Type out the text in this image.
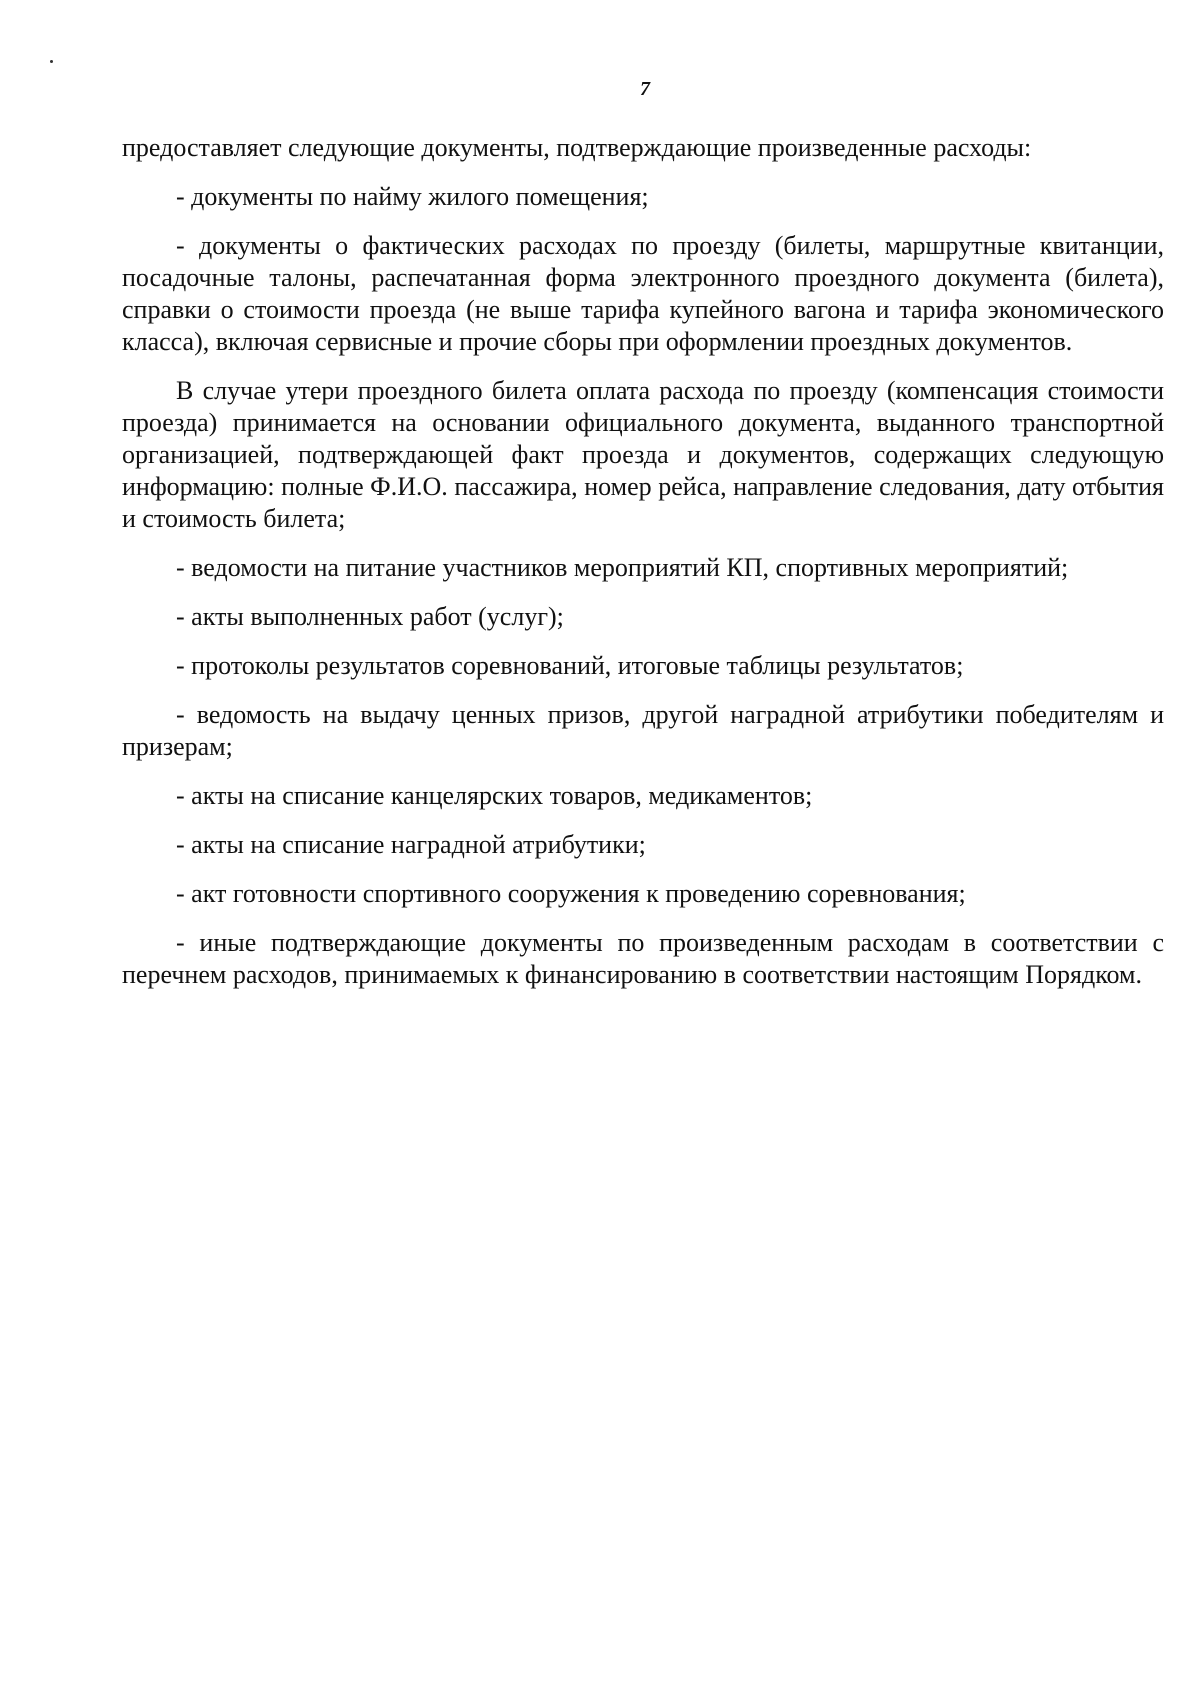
7

предоставляет следующие документы, подтверждающие произведенные расходы:

- документы по найму жилого помещения;

- документы о фактических расходах по проезду (билеты, маршрутные квитанции, посадочные талоны, распечатанная форма электронного проездного документа (билета), справки о стоимости проезда (не выше тарифа купейного вагона и тарифа экономического класса), включая сервисные и прочие сборы при оформлении проездных документов.

В случае утери проездного билета оплата расхода по проезду (компенсация стоимости проезда) принимается на основании официального документа, выданного транспортной организацией, подтверждающей факт проезда и документов, содержащих следующую информацию: полные Ф.И.О. пассажира, номер рейса, направление следования, дату отбытия и стоимость билета;

- ведомости на питание участников мероприятий КП, спортивных мероприятий;

- акты выполненных работ (услуг);

- протоколы результатов соревнований, итоговые таблицы результатов;

- ведомость на выдачу ценных призов, другой наградной атрибутики победителям и призерам;

- акты на списание канцелярских товаров, медикаментов;

- акты на списание наградной атрибутики;

- акт готовности спортивного сооружения к проведению соревнования;

- иные подтверждающие документы по произведенным расходам в соответствии с перечнем расходов, принимаемых к финансированию в соответствии настоящим Порядком.
